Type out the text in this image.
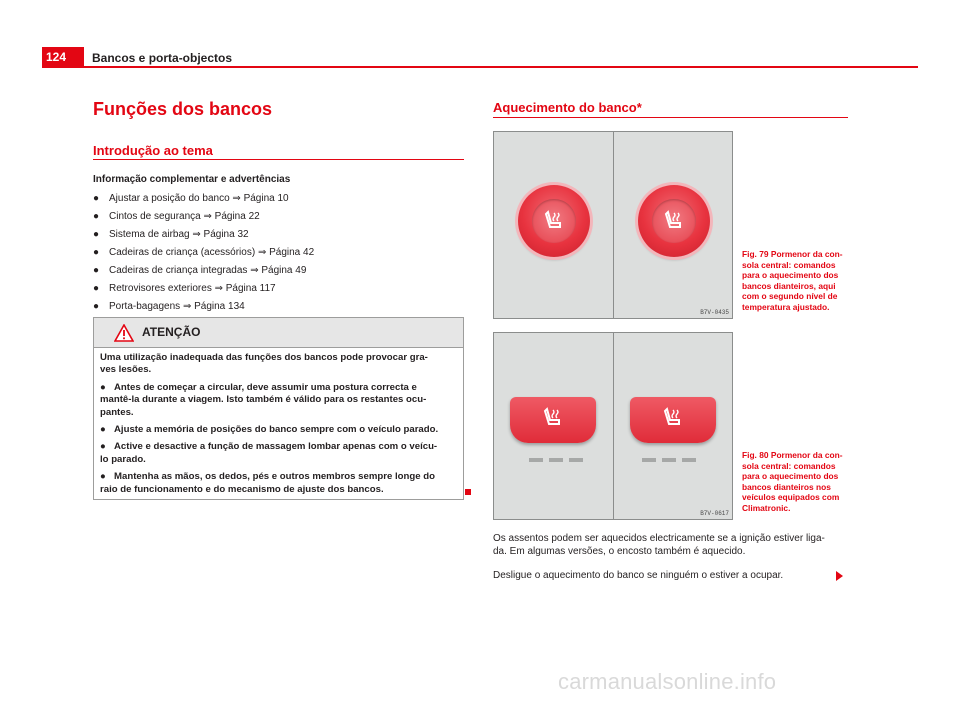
124	Bancos e porta-objectos
Funções dos bancos
Introdução ao tema
Informação complementar e advertências
● Ajustar a posição do banco ⇒ Página 10
● Cintos de segurança ⇒ Página 22
● Sistema de airbag ⇒ Página 32
● Cadeiras de criança (acessórios) ⇒ Página 42
● Cadeiras de criança integradas ⇒ Página 49
● Retrovisores exteriores ⇒ Página 117
● Porta-bagagens ⇒ Página 134
ATENÇÃO

Uma utilização inadequada das funções dos bancos pode provocar gra-
ves lesões.

● Antes de começar a circular, deve assumir uma postura correcta e
mantê-la durante a viagem. Isto também é válido para os restantes ocu-
pantes.

● Ajuste a memória de posições do banco sempre com o veículo parado.

● Active e desactive a função de massagem lombar apenas com o veícu-
lo parado.

● Mantenha as mãos, os dedos, pés e outros membros sempre longe do
raio de funcionamento e do mecanismo de ajuste dos bancos.

Aquecimento do banco*
B7V-0435
Fig. 79 Pormenor da con-
sola central: comandos
para o aquecimento dos
bancos dianteiros, aqui
com o segundo nível de
temperatura ajustado.
B7V-0617
Fig. 80 Pormenor da con-
sola central: comandos
para o aquecimento dos
bancos dianteiros nos
veículos equipados com
Climatronic.
Os assentos podem ser aquecidos electricamente se a ignição estiver liga-
da. Em algumas versões, o encosto também é aquecido.
Desligue o aquecimento do banco se ninguém o estiver a ocupar.
carmanualsonline.info
